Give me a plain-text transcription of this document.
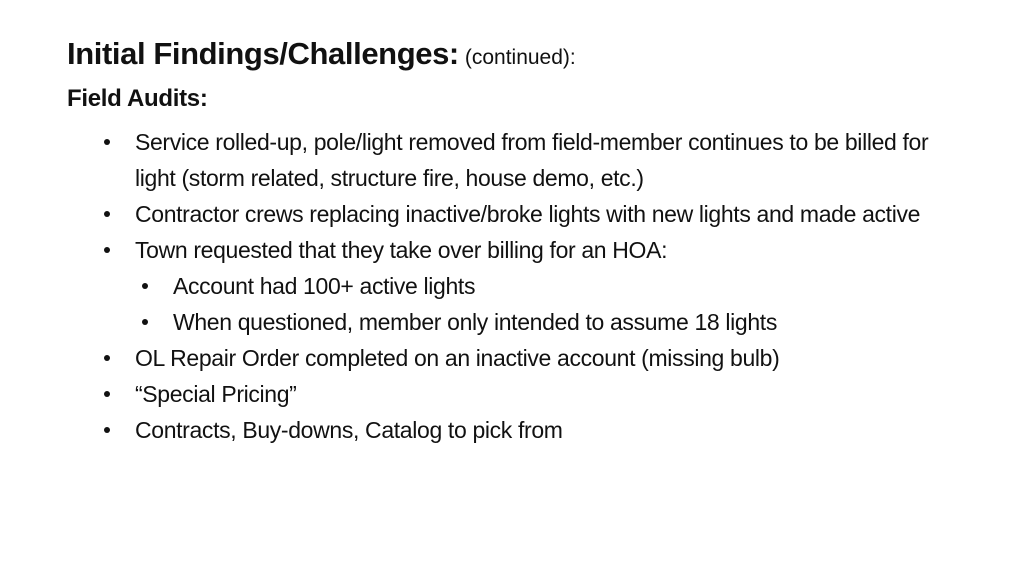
Initial Findings/Challenges: (continued):
Field Audits:
Service rolled-up, pole/light removed from field-member continues to be billed for light (storm related, structure fire, house demo, etc.)
Contractor crews replacing inactive/broke lights with new lights and made active
Town requested that they take over billing for an HOA:
Account had 100+ active lights
When questioned, member only intended to assume 18 lights
OL Repair Order completed on an inactive account (missing bulb)
“Special Pricing”
Contracts, Buy-downs, Catalog to pick from
